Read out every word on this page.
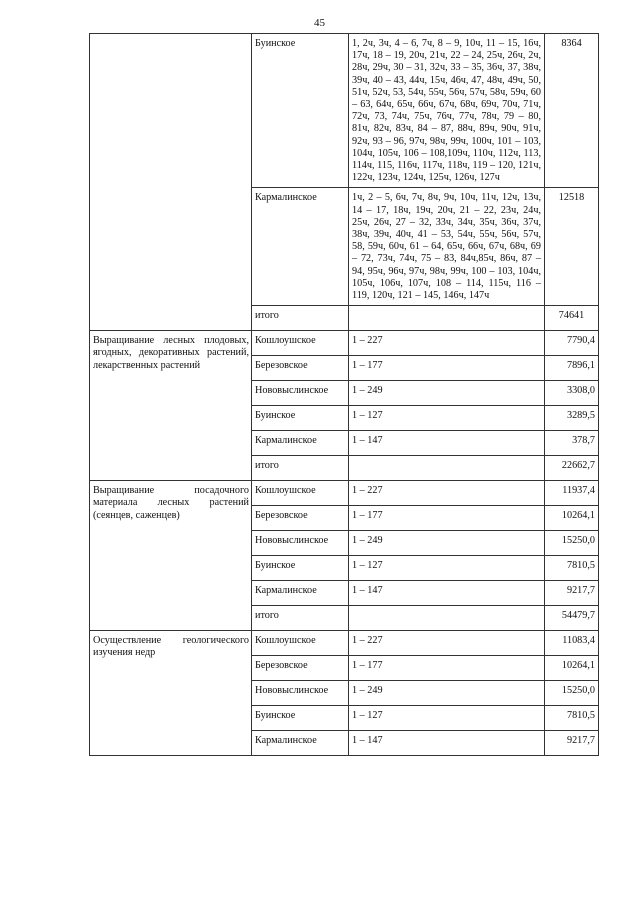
45
	Буинское	1, 2ч, 3ч, 4 – 6, 7ч, 8 – 9, 10ч, 11 – 15, 16ч, 17ч, 18 – 19, 20ч, 21ч, 22 – 24, 25ч, 26ч, 2ч, 28ч, 29ч, 30 – 31, 32ч, 33 – 35, 36ч, 37, 38ч, 39ч, 40 – 43, 44ч, 15ч, 46ч, 47, 48ч, 49ч, 50, 51ч, 52ч, 53, 54ч, 55ч, 56ч, 57ч, 58ч, 59ч, 60 – 63, 64ч, 65ч, 66ч, 67ч, 68ч, 69ч, 70ч, 71ч, 72ч, 73, 74ч, 75ч, 76ч, 77ч, 78ч, 79 – 80, 81ч, 82ч, 83ч, 84 – 87, 88ч, 89ч, 90ч, 91ч, 92ч, 93 – 96, 97ч, 98ч, 99ч, 100ч, 101 – 103, 104ч, 105ч, 106 – 108,109ч, 110ч, 112ч, 113, 114ч, 115, 116ч, 117ч, 118ч, 119 – 120, 121ч, 122ч, 123ч, 124ч, 125ч, 126ч, 127ч	8364
	Кармалинское	1ч, 2 – 5, 6ч, 7ч, 8ч, 9ч, 10ч, 11ч, 12ч, 13ч, 14 – 17, 18ч, 19ч, 20ч, 21 – 22, 23ч, 24ч, 25ч, 26ч, 27 – 32, 33ч, 34ч, 35ч, 36ч, 37ч, 38ч, 39ч, 40ч, 41 – 53, 54ч, 55ч, 56ч, 57ч, 58, 59ч, 60ч, 61 – 64, 65ч, 66ч, 67ч, 68ч, 69 – 72, 73ч, 74ч, 75 – 83, 84ч,85ч, 86ч, 87 – 94, 95ч, 96ч, 97ч, 98ч, 99ч, 100 – 103, 104ч, 105ч, 106ч, 107ч, 108 – 114, 115ч, 116 – 119, 120ч, 121 – 145, 146ч, 147ч	12518
	итого		74641
Выращивание лесных плодовых, ягодных, декоративных растений, лекарственных растений	Кошлоушское	1 – 227	7790,4
	Березовское	1 – 177	7896,1
	Нововыслинское	1 – 249	3308,0
	Буинское	1 – 127	3289,5
	Кармалинское	1 – 147	378,7
	итого		22662,7
Выращивание посадочного материала лесных растений (сеянцев, саженцев)	Кошлоушское	1 – 227	11937,4
	Березовское	1 – 177	10264,1
	Нововыслинское	1 – 249	15250,0
	Буинское	1 – 127	7810,5
	Кармалинское	1 – 147	9217,7
	итого		54479,7
Осуществление геологического изучения недр	Кошлоушское	1 – 227	11083,4
	Березовское	1 – 177	10264,1
	Нововыслинское	1 – 249	15250,0
	Буинское	1 – 127	7810,5
	Кармалинское	1 – 147	9217,7
